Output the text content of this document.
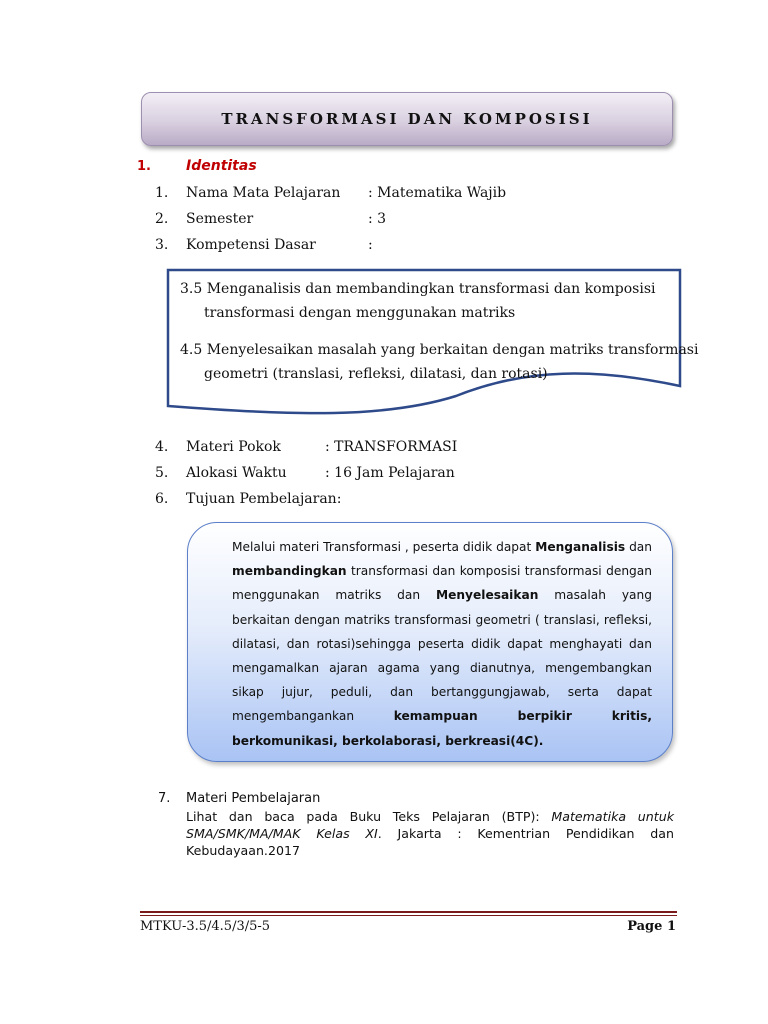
TRANSFORMASI DAN KOMPOSISI
1.	Identitas
1. Nama Mata Pelajaran : Matematika Wajib
2. Semester	: 3
3. Kompetensi Dasar	:
3.5 Menganalisis dan membandingkan transformasi dan komposisi
transformasi dengan menggunakan matriks
4.5 Menyelesaikan masalah yang berkaitan dengan matriks transformasi
geometri (translasi, refleksi, dilatasi, dan rotasi)
4. Materi Pokok	: TRANSFORMASI
5. Alokasi Waktu	: 16 Jam Pelajaran
6. Tujuan Pembelajaran:
Melalui materi Transformasi , peserta didik dapat Menganalisis dan membandingkan transformasi dan komposisi transformasi dengan menggunakan matriks dan Menyelesaikan masalah yang berkaitan dengan matriks transformasi geometri ( translasi, refleksi, dilatasi, dan rotasi)sehingga peserta didik dapat menghayati dan mengamalkan ajaran agama yang dianutnya, mengembangkan sikap jujur, peduli, dan bertanggungjawab, serta dapat mengembangankan kemampuan berpikir kritis, berkomunikasi, berkolaborasi, berkreasi(4C).
7. Materi Pembelajaran
Lihat dan baca pada Buku Teks Pelajaran (BTP): Matematika untuk SMA/SMK/MA/MAK Kelas XI. Jakarta : Kementrian Pendidikan dan Kebudayaan.2017
MTKU-3.5/4.5/3/5-5	Page 1
